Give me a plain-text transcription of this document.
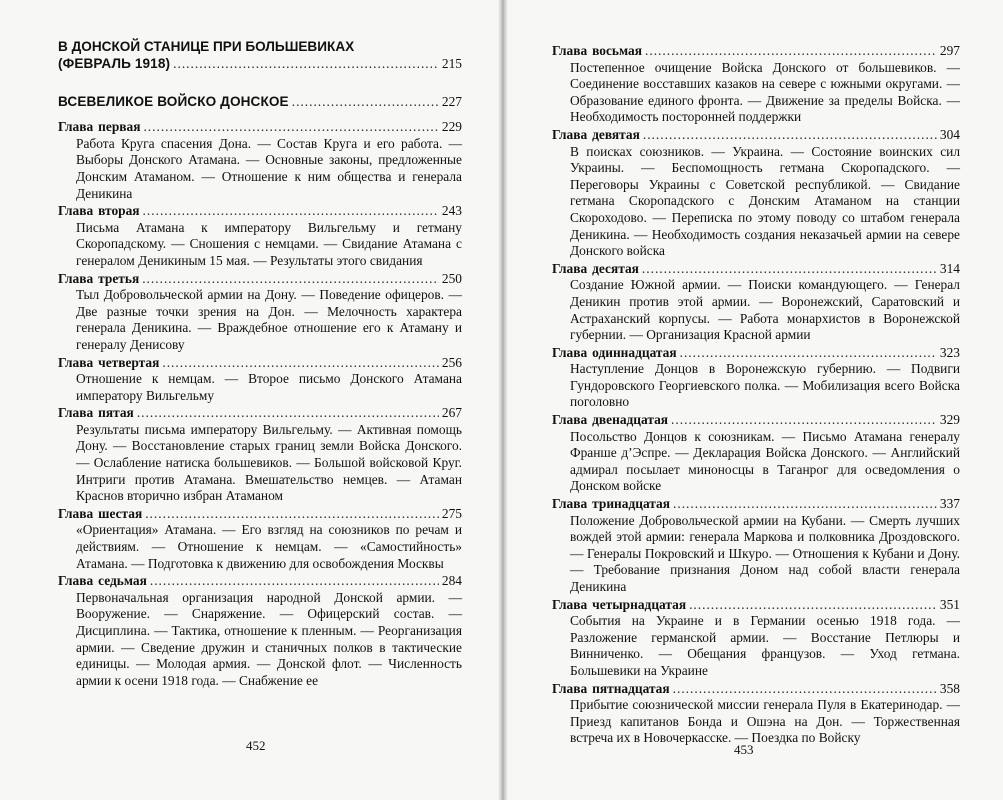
В ДОНСКОЙ СТАНИЦЕ ПРИ БОЛЬШЕВИКАХ
(ФЕВРАЛЬ 1918) .....	215
ВСЕВЕЛИКОЕ ВОЙСКО ДОНСКОЕ .....	227
Глава первая .....	229
Работа Круга спасения Дона. — Состав Круга и его работа. — Выборы Донского Атамана. — Основные законы, предложенные Донским Атаманом. — Отношение к ним общества и генерала Деникина
Глава вторая .....	243
Письма Атамана к императору Вильгельму и гетману Скоропадскому. — Сношения с немцами. — Свидание Атамана с генералом Деникиным 15 мая. — Результаты этого свидания
Глава третья .....	250
Тыл Добровольческой армии на Дону. — Поведение офицеров. — Две разные точки зрения на Дон. — Мелочность характера генерала Деникина. — Враждебное отношение его к Атаману и генералу Денисову
Глава четвертая .....	256
Отношение к немцам. — Второе письмо Донского Атамана императору Вильгельму
Глава пятая .....	267
Результаты письма императору Вильгельму. — Активная помощь Дону. — Восстановление старых границ земли Войска Донского. — Ослабление натиска большевиков. — Большой войсковой Круг. Интриги против Атамана. Вмешательство немцев. — Атаман Краснов вторично избран Атаманом
Глава шестая .....	275
«Ориентация» Атамана. — Его взгляд на союзников по речам и действиям. — Отношение к немцам. — «Самостийность» Атамана. — Подготовка к движению для освобождения Москвы
Глава седьмая .....	284
Первоначальная организация народной Донской армии. — Вооружение. — Снаряжение. — Офицерский состав. — Дисциплина. — Тактика, отношение к пленным. — Реорганизация армии. — Сведение дружин и станичных полков в тактические единицы. — Молодая армия. — Донской флот. — Численность армии к осени 1918 года. — Снабжение ее
452
Глава восьмая .....	297
Постепенное очищение Войска Донского от большевиков. — Соединение восставших казаков на севере с южными округами. — Образование единого фронта. — Движение за пределы Войска. — Необходимость посторонней поддержки
Глава девятая .....	304
В поисках союзников. — Украина. — Состояние воинских сил Украины. — Беспомощность гетмана Скоропадского. — Переговоры Украины с Советской республикой. — Свидание гетмана Скоропадского с Донским Атаманом на станции Скороходово. — Переписка по этому поводу со штабом генерала Деникина. — Необходимость создания неказачьей армии на севере Донского войска
Глава десятая .....	314
Создание Южной армии. — Поиски командующего. — Генерал Деникин против этой армии. — Воронежский, Саратовский и Астраханский корпусы. — Работа монархистов в Воронежской губернии. — Организация Красной армии
Глава одиннадцатая .....	323
Наступление Донцов в Воронежскую губернию. — Подвиги Гундоровского Георгиевского полка. — Мобилизация всего Войска поголовно
Глава двенадцатая .....	329
Посольство Донцов к союзникам. — Письмо Атамана генералу Франше д’Эспре. — Декларация Войска Донского. — Английский адмирал посылает миноносцы в Таганрог для осведомления о Донском войске
Глава тринадцатая .....	337
Положение Добровольческой армии на Кубани. — Смерть лучших вождей этой армии: генерала Маркова и полковника Дроздовского. — Генералы Покровский и Шкуро. — Отношения к Кубани и Дону. — Требование признания Доном над собой власти генерала Деникина
Глава четырнадцатая .....	351
События на Украине и в Германии осенью 1918 года. — Разложение германской армии. — Восстание Петлюры и Винниченко. — Обещания французов. — Уход гетмана. Большевики на Украине
Глава пятнадцатая .....	358
Прибытие союзнической миссии генерала Пуля в Екатеринодар. — Приезд капитанов Бонда и Ошэна на Дон. — Торжественная встреча их в Новочеркасске. — Поездка по Войску
453
